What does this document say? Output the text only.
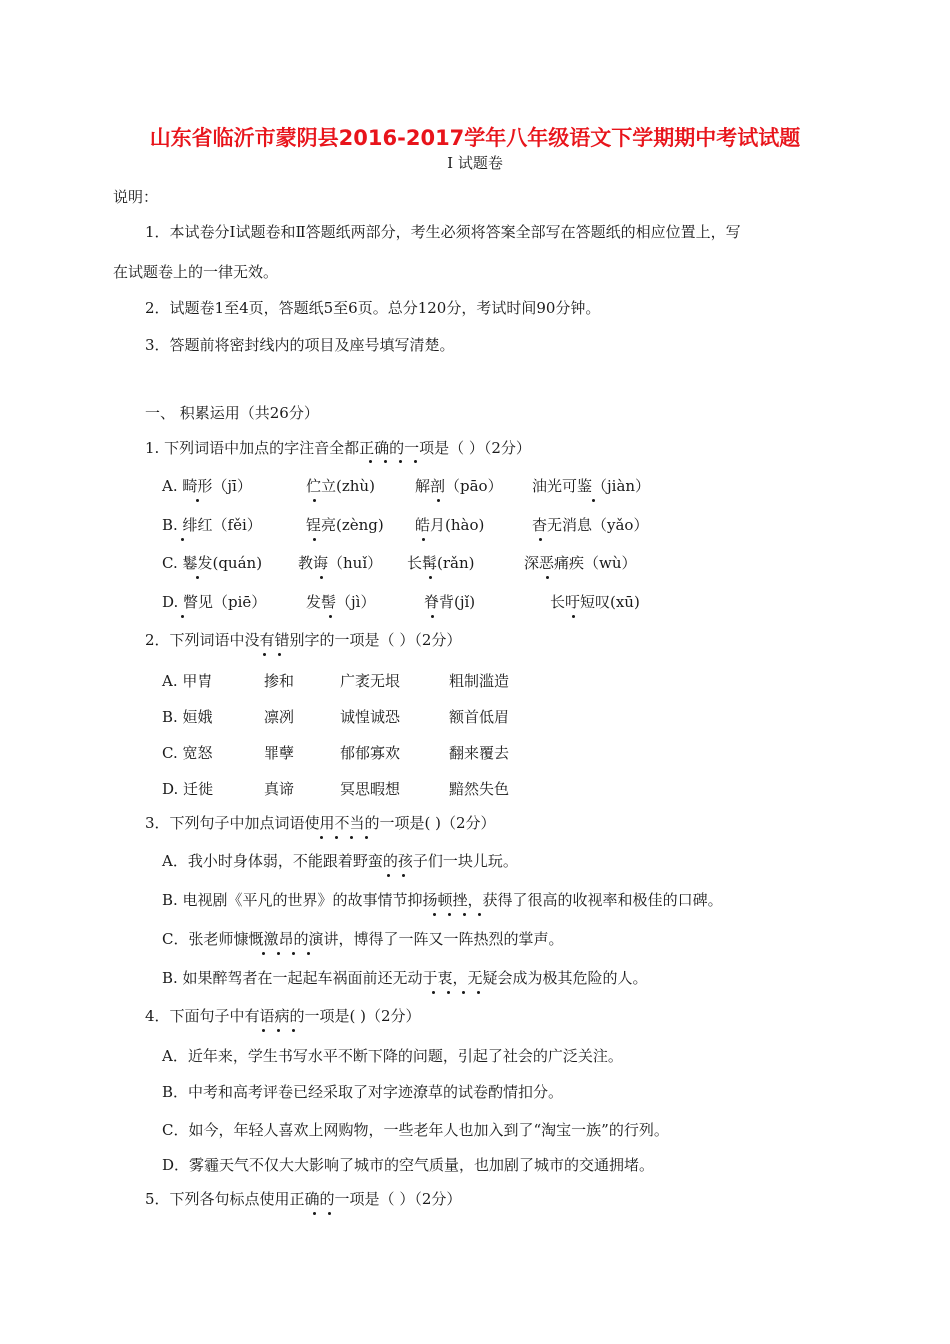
山东省临沂市蒙阴县2016-2017学年八年级语文下学期期中考试试题
Ⅰ 试题卷
说明：
1．本试卷分Ⅰ试题卷和Ⅱ答题纸两部分，考生必须将答案全部写在答题纸的相应位置上，写
在试题卷上的一律无效。
2．试题卷1至4页，答题纸5至6页。总分120分，考试时间90分钟。
3．答题前将密封线内的项目及座号填写清楚。
一、 积累运用（共26分）
1. 下列词语中加点的字注音全都正确的一项是（ ）（2分）
A. 畸形（jī）	伫立(zhù)	解剖（pāo） 油光可鉴（jiàn）
B. 绯红（fěi）	锃亮(zèng) 皓月(hào)	杳无消息（yǎo）
C. 鬈发(quán) 教诲（huǐ） 长髯(rǎn)	深恶痛疾（wù）
D. 瞥见（piē）	发髻（jì）	脊背(jǐ)	长吁短叹(xū)
2．下列词语中没有错别字的一项是（ ）（2分）
A. 甲胄	掺和	广袤无垠	粗制滥造
B. 姮娥	凛冽	诚惶诚恐	额首低眉
C. 宽怒	罪孽	郁郁寡欢	翻来覆去
D. 迁徙	真谛	冥思暇想	黯然失色
3．下列句子中加点词语使用不当的一项是( )（2分）
A．我小时身体弱，不能跟着野蛮的孩子们一块儿玩。
B. 电视剧《平凡的世界》的故事情节抑扬顿挫，获得了很高的收视率和极佳的口碑。
C．张老师慷慨激昂的演讲，博得了一阵又一阵热烈的掌声。
B. 如果醉驾者在一起起车祸面前还无动于衷，无疑会成为极其危险的人。
4．下面句子中有语病的一项是( )（2分）
A．近年来，学生书写水平不断下降的问题，引起了社会的广泛关注。
B．中考和高考评卷已经采取了对字迹潦草的试卷酌情扣分。
C．如今，年轻人喜欢上网购物，一些老年人也加入到了“淘宝一族”的行列。
D．雾霾天气不仅大大影响了城市的空气质量，也加剧了城市的交通拥堵。
5．下列各句标点使用正确的一项是（ ）（2分）
